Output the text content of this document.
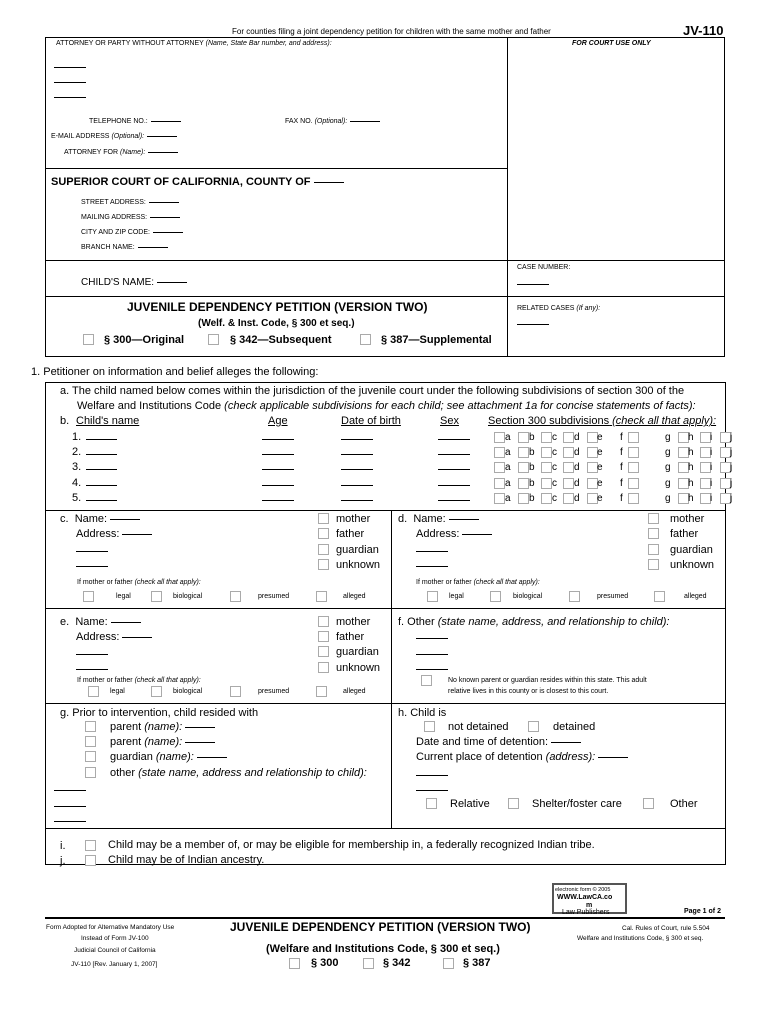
For counties filing a joint dependency petition for children with the same mother and father	JV-110
ATTORNEY OR PARTY WITHOUT ATTORNEY (Name, State Bar number, and address):	FOR COURT USE ONLY
TELEPHONE NO.:	FAX NO. (Optional):
E-MAIL ADDRESS (Optional):
ATTORNEY FOR (Name):
SUPERIOR COURT OF CALIFORNIA, COUNTY OF
STREET ADDRESS:
MAILING ADDRESS:
CITY AND ZIP CODE:
BRANCH NAME:
CHILD'S NAME:
CASE NUMBER:
JUVENILE DEPENDENCY PETITION (VERSION TWO)
(Welf. & Inst. Code, § 300 et seq.)
§ 300—Original	§ 342—Subsequent	§ 387—Supplemental
RELATED CASES (If any):
1. Petitioner on information and belief alleges the following:
a. The child named below comes within the jurisdiction of the juvenile court under the following subdivisions of section 300 of the
Welfare and Institutions Code (check applicable subdivisions for each child; see attachment 1a for concise statements of facts):
b. Child's name	Age	Date of birth	Sex	Section 300 subdivisions (check all that apply):
1.	a b c d e f	g h i j
2.	a b c d e f	g h i j
3.	a b c d e f	g h i j
4.	a b c d e f	g h i j
5.	a b c d e f	g h i j
c. Name:
Address:
mother
father
guardian
unknown
If mother or father (check all that apply):
legal	biological	presumed	alleged
d. Name:
Address:
mother
father
guardian
unknown
If mother or father (check all that apply):
legal	biological	presumed	alleged
e. Name:
Address:
mother
father
guardian
unknown
If mother or father (check all that apply):
legal	biological	presumed	alleged
f. Other (state name, address, and relationship to child):
No known parent or guardian resides within this state. This adult
relative lives in this county or is closest to this court.
g. Prior to intervention, child resided with
parent (name):
parent (name):
guardian (name):
other (state name, address and relationship to child):
h. Child is
not detained	detained
Date and time of detention:
Current place of detention (address):
Relative	Shelter/foster care	Other
i.	Child may be a member of, or may be eligible for membership in, a federally recognized Indian tribe.
j.	Child may be of Indian ancestry.
electronic form © 2005
WWW.LawCA.co
m
Law Publishers
Form Adopted for Alternative Mandatory Use
Instead of Form JV-100
Judicial Council of California
JV-110 [Rev. January 1, 2007]
JUVENILE DEPENDENCY PETITION (VERSION TWO)
(Welfare and Institutions Code, § 300 et seq.)
§ 300	§ 342	§ 387
Page 1 of 2
Cal. Rules of Court, rule 5.504
Welfare and Institutions Code, § 300 et seq.
